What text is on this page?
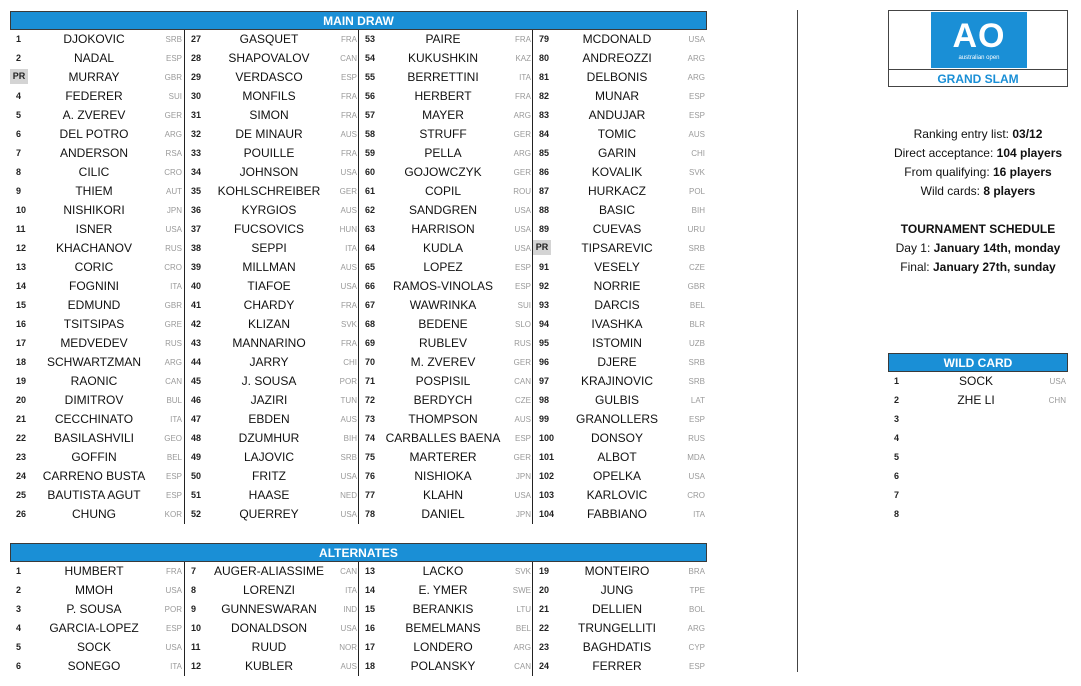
MAIN DRAW
1	DJOKOVIC	SRB
2	NADAL	ESP
PR	MURRAY	GBR
4	FEDERER	SUI
5	A. ZVEREV	GER
6	DEL POTRO	ARG
7	ANDERSON	RSA
8	CILIC	CRO
9	THIEM	AUT
10	NISHIKORI	JPN
11	ISNER	USA
12	KHACHANOV	RUS
13	CORIC	CRO
14	FOGNINI	ITA
15	EDMUND	GBR
16	TSITSIPAS	GRE
17	MEDVEDEV	RUS
18	SCHWARTZMAN	ARG
19	RAONIC	CAN
20	DIMITROV	BUL
21	CECCHINATO	ITA
22	BASILASHVILI	GEO
23	GOFFIN	BEL
24	CARRENO BUSTA	ESP
25	BAUTISTA AGUT	ESP
26	CHUNG	KOR
27	GASQUET	FRA
28	SHAPOVALOV	CAN
29	VERDASCO	ESP
30	MONFILS	FRA
31	SIMON	FRA
32	DE MINAUR	AUS
33	POUILLE	FRA
34	JOHNSON	USA
35	KOHLSCHREIBER	GER
36	KYRGIOS	AUS
37	FUCSOVICS	HUN
38	SEPPI	ITA
39	MILLMAN	AUS
40	TIAFOE	USA
41	CHARDY	FRA
42	KLIZAN	SVK
43	MANNARINO	FRA
44	JARRY	CHI
45	J. SOUSA	POR
46	JAZIRI	TUN
47	EBDEN	AUS
48	DZUMHUR	BIH
49	LAJOVIC	SRB
50	FRITZ	USA
51	HAASE	NED
52	QUERREY	USA
53	PAIRE	FRA
54	KUKUSHKIN	KAZ
55	BERRETTINI	ITA
56	HERBERT	FRA
57	MAYER	ARG
58	STRUFF	GER
59	PELLA	ARG
60	GOJOWCZYK	GER
61	COPIL	ROU
62	SANDGREN	USA
63	HARRISON	USA
64	KUDLA	USA
65	LOPEZ	ESP
66	RAMOS-VINOLAS	ESP
67	WAWRINKA	SUI
68	BEDENE	SLO
69	RUBLEV	RUS
70	M. ZVEREV	GER
71	POSPISIL	CAN
72	BERDYCH	CZE
73	THOMPSON	AUS
74 CARBALLES BAENA	ESP
75	MARTERER	GER
76	NISHIOKA	JPN
77	KLAHN	USA
78	DANIEL	JPN
79	MCDONALD	USA
80	ANDREOZZI	ARG
81	DELBONIS	ARG
82	MUNAR	ESP
83	ANDUJAR	ESP
84	TOMIC	AUS
85	GARIN	CHI
86	KOVALIK	SVK
87	HURKACZ	POL
88	BASIC	BIH
89	CUEVAS	URU
PR	TIPSAREVIC	SRB
91	VESELY	CZE
92	NORRIE	GBR
93	DARCIS	BEL
94	IVASHKA	BLR
95	ISTOMIN	UZB
96	DJERE	SRB
97	KRAJINOVIC	SRB
98	GULBIS	LAT
99	GRANOLLERS	ESP
100	DONSOY	RUS
101	ALBOT	MDA
102	OPELKA	USA
103	KARLOVIC	CRO
104	FABBIANO	ITA
ALTERNATES
1	HUMBERT	FRA
2	MMOH	USA
3	P. SOUSA	POR
4	GARCIA-LOPEZ	ESP
5	SOCK	USA
6	SONEGO	ITA
7	AUGER-ALIASSIME	CAN
8	LORENZI	ITA
9	GUNNESWARAN	IND
10	DONALDSON	USA
11	RUUD	NOR
12	KUBLER	AUS
13	LACKO	SVK
14	E. YMER	SWE
15	BERANKIS	LTU
16	BEMELMANS	BEL
17	LONDERO	ARG
18	POLANSKY	CAN
19	MONTEIRO	BRA
20	JUNG	TPE
21	DELLIEN	BOL
22	TRUNGELLITI	ARG
23	BAGHDATIS	CYP
24	FERRER	ESP
AO
australian open
GRAND SLAM
Ranking entry list: 03/12
Direct acceptance: 104 players
From qualifying: 16 players
Wild cards: 8 players
TOURNAMENT SCHEDULE
Day 1: January 14th, monday
Final: January 27th, sunday
WILD CARD
1	SOCK	USA
2	ZHE LI	CHN
3
4
5
6
7
8
